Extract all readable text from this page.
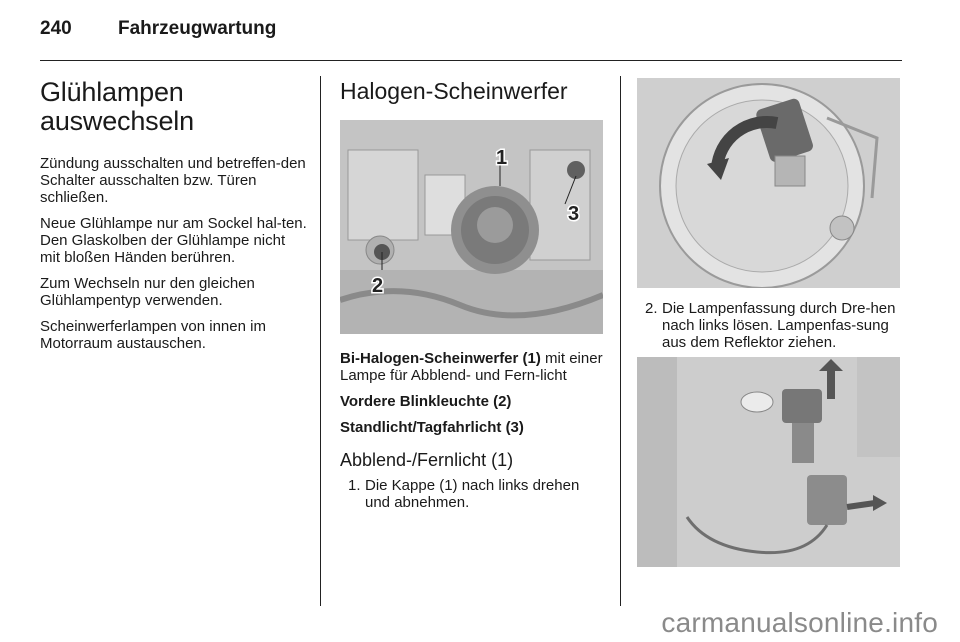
240	Fahrzeugwartung
Glühlampen auswechseln

Zündung ausschalten und betreffen-den Schalter ausschalten bzw. Türen schließen.

Neue Glühlampe nur am Sockel hal-ten. Den Glaskolben der Glühlampe nicht mit bloßen Händen berühren.

Zum Wechseln nur den gleichen Glühlampentyp verwenden.

Scheinwerferlampen von innen im Motorraum austauschen.

Halogen-Scheinwerfer
1
2
3

Bi-Halogen-Scheinwerfer (1) mit einer Lampe für Abblend- und Fern-licht

Vordere Blinkleuchte (2)

Standlicht/Tagfahrlicht (3)

Abblend-/Fernlicht (1)
1. Die Kappe (1) nach links drehen und abnehmen.
2. Die Lampenfassung durch Dre-hen nach links lösen. Lampenfas-sung aus dem Reflektor ziehen.
carmanualsonline.info
